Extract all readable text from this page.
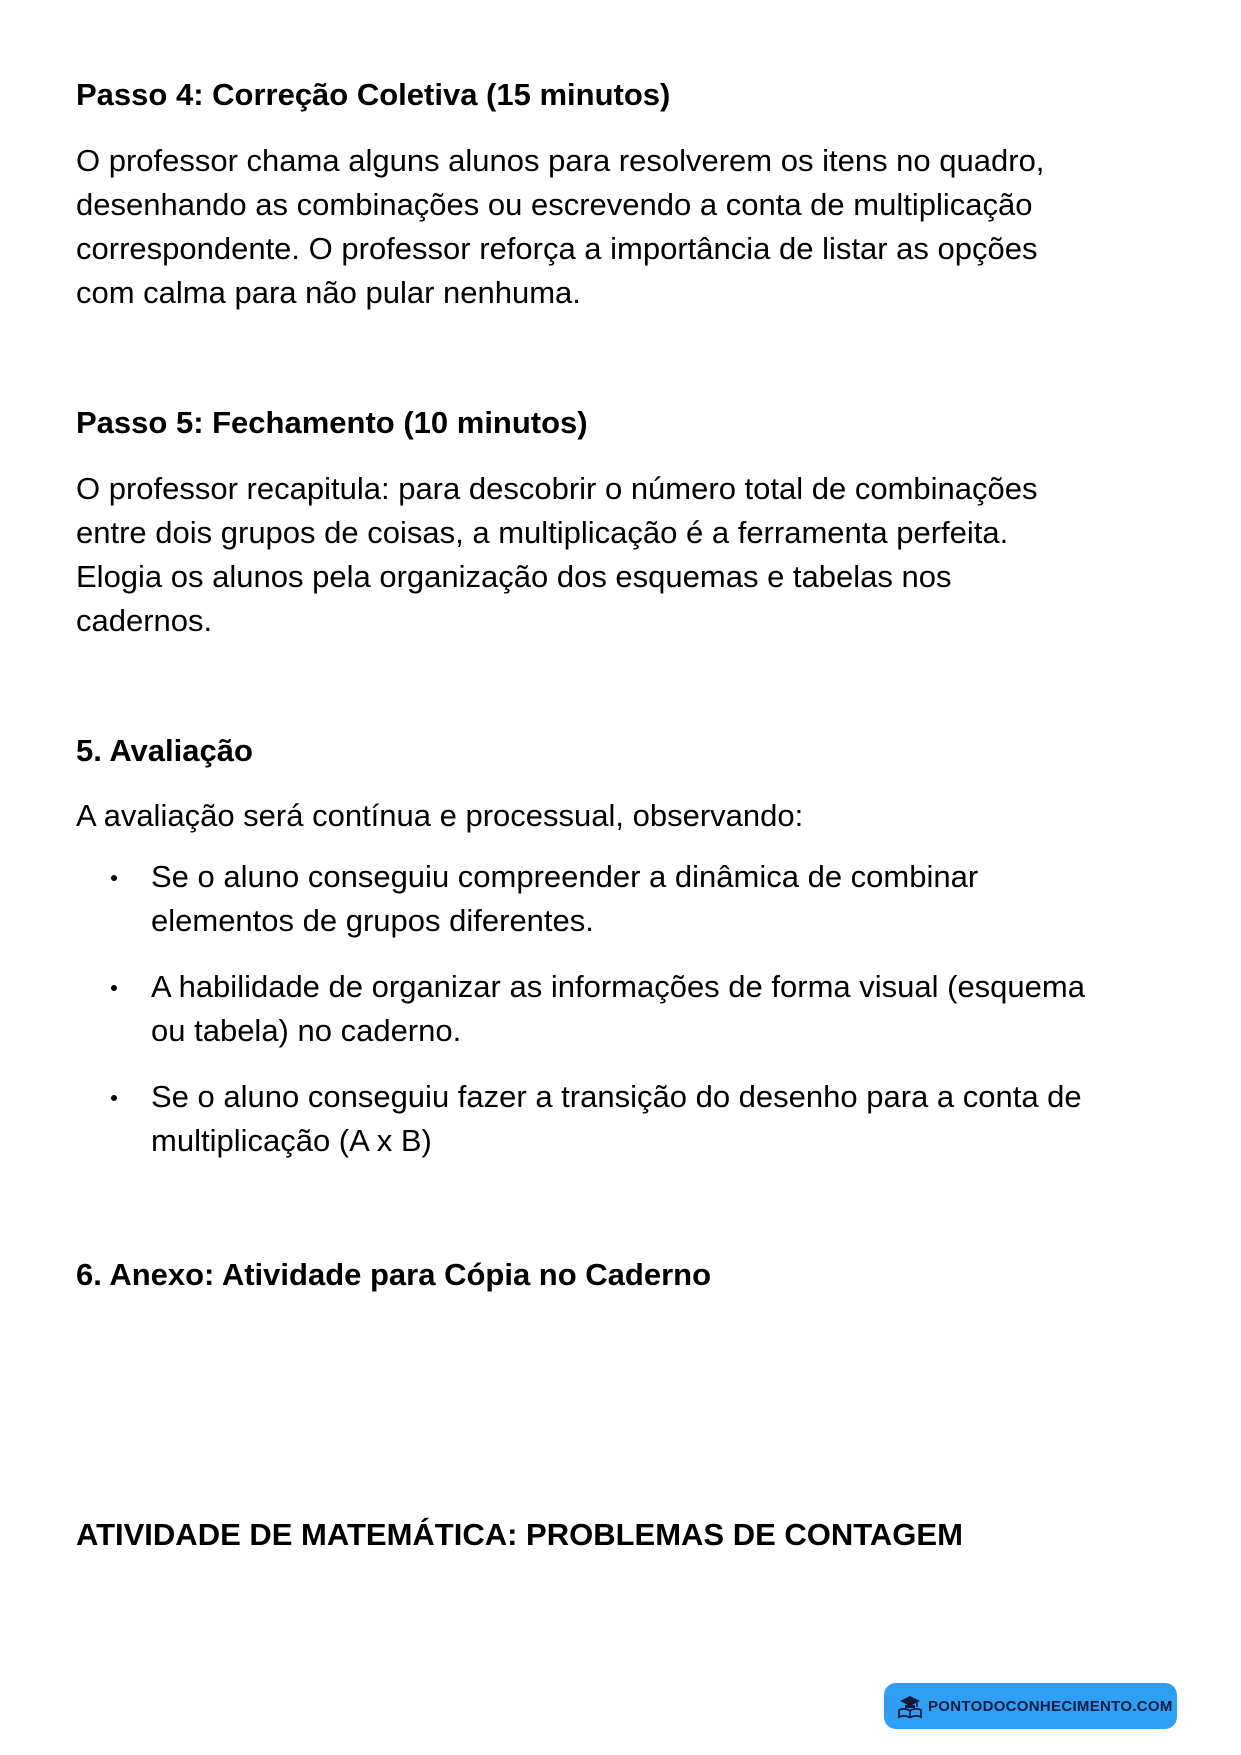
Passo 4: Correção Coletiva (15 minutos)
O professor chama alguns alunos para resolverem os itens no quadro,
desenhando as combinações ou escrevendo a conta de multiplicação
correspondente. O professor reforça a importância de listar as opções
com calma para não pular nenhuma.
Passo 5: Fechamento (10 minutos)
O professor recapitula: para descobrir o número total de combinações
entre dois grupos de coisas, a multiplicação é a ferramenta perfeita.
Elogia os alunos pela organização dos esquemas e tabelas nos
cadernos.
5. Avaliação
A avaliação será contínua e processual, observando:
Se o aluno conseguiu compreender a dinâmica de combinar
elementos de grupos diferentes.
A habilidade de organizar as informações de forma visual (esquema
ou tabela) no caderno.
Se o aluno conseguiu fazer a transição do desenho para a conta de
multiplicação (A x B)
6. Anexo: Atividade para Cópia no Caderno
ATIVIDADE DE MATEMÁTICA: PROBLEMAS DE CONTAGEM
PONTODOCONHECIMENTO.COM
